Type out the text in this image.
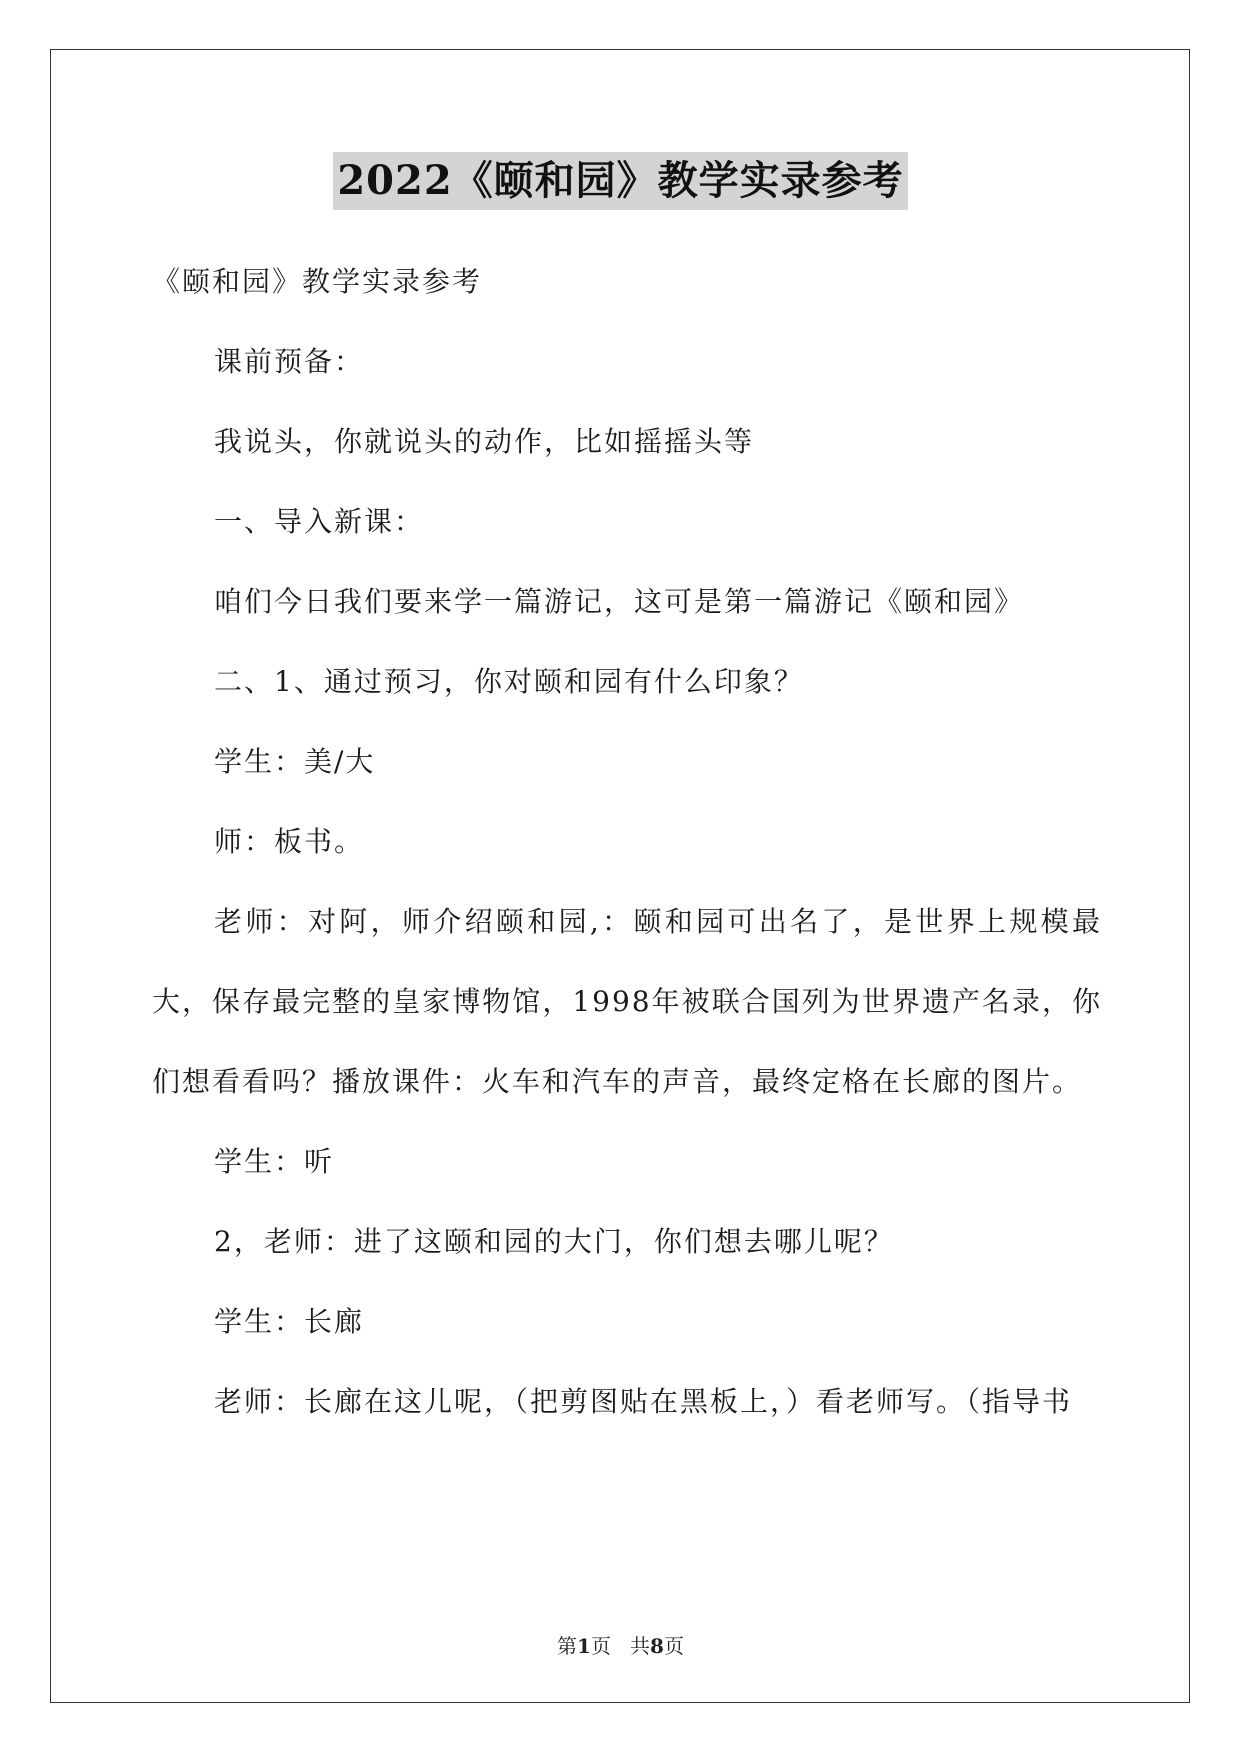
2022《颐和园》教学实录参考

《颐和园》教学实录参考

课前预备：

我说头，你就说头的动作，比如摇摇头等

一、导入新课：

咱们今日我们要来学一篇游记，这可是第一篇游记《颐和园》

二、1、通过预习，你对颐和园有什么印象？

学生：美/大

师：板书。

老师：对阿，师介绍颐和园,：颐和园可出名了，是世界上规模最大，保存最完整的皇家博物馆，1998年被联合国列为世界遗产名录，你们想看看吗？播放课件：火车和汽车的声音，最终定格在长廊的图片。

学生：听

2，老师：进了这颐和园的大门，你们想去哪儿呢？

学生：长廊

老师：长廊在这儿呢，（把剪图贴在黑板上，）看老师写。（指导书

第1页   共8页
